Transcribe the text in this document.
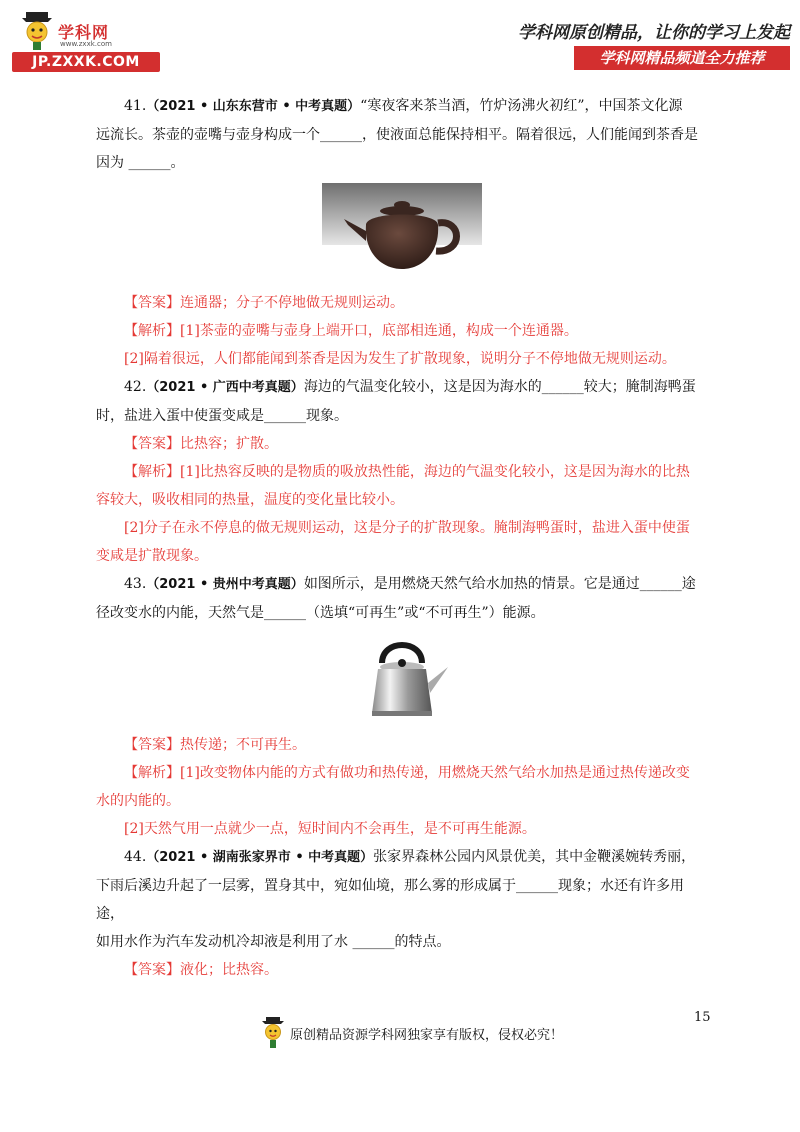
学科网
www.zxxk.com
JP.ZXXK.COM
学科网原创精品，让你的学习上发起
学科网精品频道全力推荐

41.（2021 • 山东东营市 • 中考真题）“寒夜客来茶当酒，竹炉汤沸火初红”，中国茶文化源

远流长。茶壶的壶嘴与壶身构成一个______，使液面总能保持相平。隔着很远，人们能闻到茶香是

因为 ______。

【答案】连通器；分子不停地做无规则运动。

【解析】[1]茶壶的壶嘴与壶身上端开口，底部相连通，构成一个连通器。

[2]隔着很远，人们都能闻到茶香是因为发生了扩散现象，说明分子不停地做无规则运动。

42.（2021 • 广西中考真题）海边的气温变化较小，这是因为海水的______较大；腌制海鸭蛋

时，盐进入蛋中使蛋变咸是______现象。

【答案】比热容；扩散。

【解析】[1]比热容反映的是物质的吸放热性能，海边的气温变化较小，这是因为海水的比热

容较大，吸收相同的热量，温度的变化量比较小。

[2]分子在永不停息的做无规则运动，这是分子的扩散现象。腌制海鸭蛋时，盐进入蛋中使蛋

变咸是扩散现象。

43.（2021 • 贵州中考真题）如图所示，是用燃烧天然气给水加热的情景。它是通过______途

径改变水的内能，天然气是______（选填“可再生”或“不可再生”）能源。

【答案】热传递；不可再生。

【解析】[1]改变物体内能的方式有做功和热传递，用燃烧天然气给水加热是通过热传递改变

水的内能的。

[2]天然气用一点就少一点，短时间内不会再生，是不可再生能源。

44.（2021 • 湖南张家界市 • 中考真题）张家界森林公园内风景优美，其中金鞭溪婉转秀丽，

下雨后溪边升起了一层雾，置身其中，宛如仙境，那么雾的形成属于______现象；水还有许多用途，

如用水作为汽车发动机冷却液是利用了水 ______的特点。

【答案】液化；比热容。

15
原创精品资源学科网独家享有版权，侵权必究！
